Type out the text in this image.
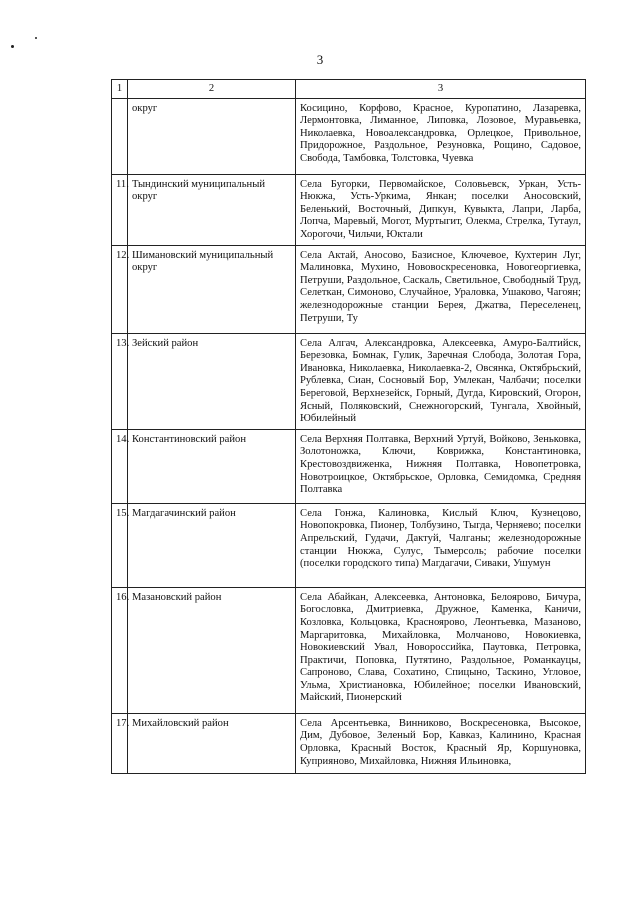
3
1	2	3
	округ	Косицино, Корфово, Красное, Куропатино, Лазаревка, Лермонтовка, Лиманное, Липовка, Лозовое, Муравьевка, Николаевка, Новоалександровка, Орлецкое, Привольное, Придорожное, Раздольное, Резуновка, Рощино, Садовое, Свобода, Тамбовка, Толстовка, Чуевка
11.	Тындинский муниципальный округ	Села Бугорки, Первомайское, Соловьевск, Уркан, Усть-Нюкжа, Усть-Уркима, Янкан; поселки Аносовский, Беленький, Восточный, Дипкун, Кувыкта, Лапри, Ларба, Лопча, Маревый, Могот, Муртыгит, Олекма, Стрелка, Тутаул, Хорогочи, Чильчи, Юктали
12.	Шимановский муниципальный округ	Села Актай, Аносово, Базисное, Ключевое, Кухтерин Луг, Малиновка, Мухино, Нововоскресеновка, Новогеоргиевка, Петруши, Раздольное, Саскаль, Светильное, Свободный Труд, Селеткан, Симоново, Случайное, Ураловка, Ушаково, Чагоян; железнодорожные станции Берея, Джатва, Переселенец, Петруши, Ту
13.	Зейский район	Села Алгач, Александровка, Алексеевка, Амуро-Балтийск, Березовка, Бомнак, Гулик, Заречная Слобода, Золотая Гора, Ивановка, Николаевка, Николаевка-2, Овсянка, Октябрьский, Рублевка, Сиан, Сосновый Бор, Умлекан, Чалбачи; поселки Береговой, Верхнезейск, Горный, Дугда, Кировский, Огорон, Ясный, Поляковский, Снежногорский, Тунгала, Хвойный, Юбилейный
14.	Константиновский район	Села Верхняя Полтавка, Верхний Уртуй, Войково, Зеньковка, Золотоножка, Ключи, Коврижка, Константиновка, Крестовоздвиженка, Нижняя Полтавка, Новопетровка, Новотроицкое, Октябрьское, Орловка, Семидомка, Средняя Полтавка
15.	Магдагачинский район	Села Гонжа, Калиновка, Кислый Ключ, Кузнецово, Новопокровка, Пионер, Толбузино, Тыгда, Черняево; поселки Апрельский, Гудачи, Дактуй, Чалганы; железнодорожные станции Нюкжа, Сулус, Тымерсоль; рабочие поселки (поселки городского типа) Магдагачи, Сиваки, Ушумун
16.	Мазановский район	Села Абайкан, Алексеевка, Антоновка, Белоярово, Бичура, Богословка, Дмитриевка, Дружное, Каменка, Каничи, Козловка, Кольцовка, Красноярово, Леонтьевка, Мазаново, Маргаритовка, Михайловка, Молчаново, Новокиевка, Новокиевский Увал, Новороссийка, Паутовка, Петровка, Практичи, Поповка, Путятино, Раздольное, Романкауцы, Сапроново, Слава, Сохатино, Спицыно, Таскино, Угловое, Ульма, Христиановка, Юбилейное; поселки Ивановский, Майский, Пионерский
17.	Михайловский район	Села Арсентьевка, Винниково, Воскресеновка, Высокое, Дим, Дубовое, Зеленый Бор, Кавказ, Калинино, Красная Орловка, Красный Восток, Красный Яр, Коршуновка, Куприяново, Михайловка, Нижняя Ильиновка,
